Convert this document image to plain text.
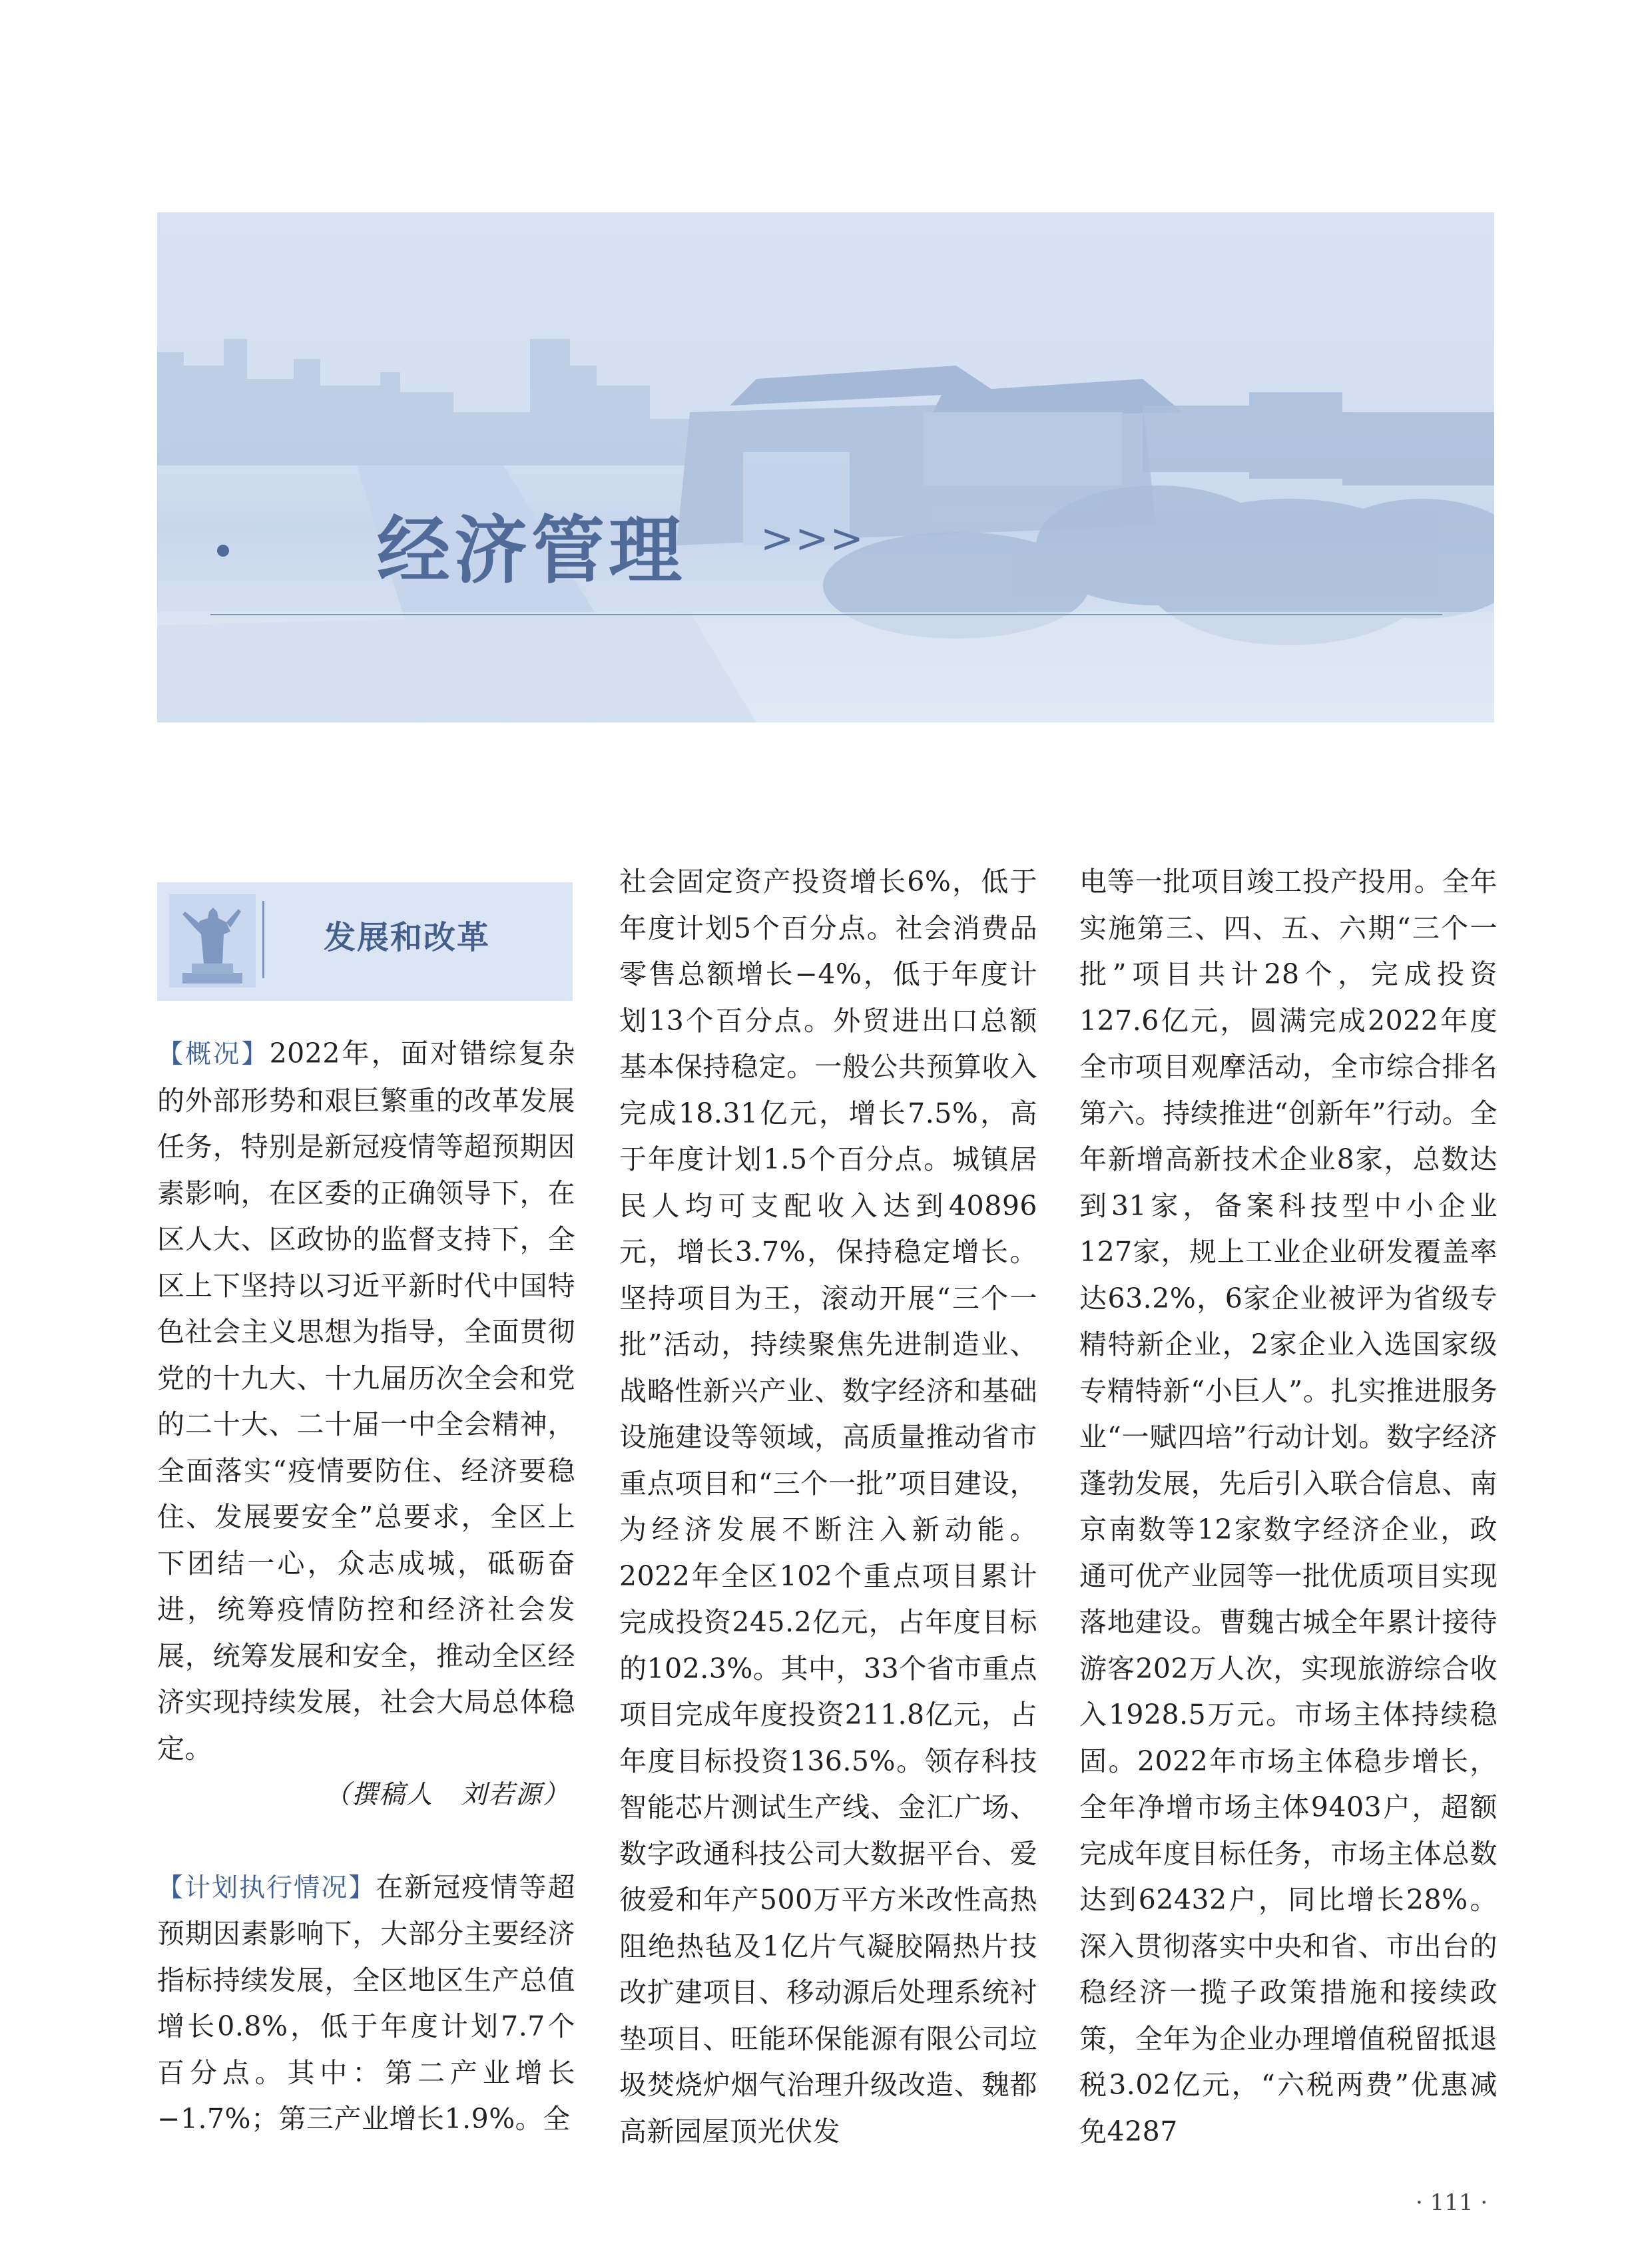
经济管理 >>>
发展和改革

【概况】2022年，面对错综复杂的外部形势和艰巨繁重的改革发展任务，特别是新冠疫情等超预期因素影响，在区委的正确领导下，在区人大、区政协的监督支持下，全区上下坚持以习近平新时代中国特色社会主义思想为指导，全面贯彻党的十九大、十九届历次全会和党的二十大、二十届一中全会精神，全面落实“疫情要防住、经济要稳住、发展要安全”总要求，全区上下团结一心，众志成城，砥砺奋进，统筹疫情防控和经济社会发展，统筹发展和安全，推动全区经济实现持续发展，社会大局总体稳定。

（撰稿人　刘若源）

【计划执行情况】在新冠疫情等超预期因素影响下，大部分主要经济指标持续发展，全区地区生产总值增长0.8%，低于年度计划7.7个百分点。其中：第二产业增长−1.7%；第三产业增长1.9%。全

社会固定资产投资增长6%，低于年度计划5个百分点。社会消费品零售总额增长−4%，低于年度计划13个百分点。外贸进出口总额基本保持稳定。一般公共预算收入完成18.31亿元，增长7.5%，高于年度计划1.5个百分点。城镇居民人均可支配收入达到40896元，增长3.7%，保持稳定增长。坚持项目为王，滚动开展“三个一批”活动，持续聚焦先进制造业、战略性新兴产业、数字经济和基础设施建设等领域，高质量推动省市重点项目和“三个一批”项目建设，为经济发展不断注入新动能。2022年全区102个重点项目累计完成投资245.2亿元，占年度目标的102.3%。其中，33个省市重点项目完成年度投资211.8亿元，占年度目标投资136.5%。领存科技智能芯片测试生产线、金汇广场、数字政通科技公司大数据平台、爱彼爱和年产500万平方米改性高热阻绝热毡及1亿片气凝胶隔热片技改扩建项目、移动源后处理系统衬垫项目、旺能环保能源有限公司垃圾焚烧炉烟气治理升级改造、魏都高新园屋顶光伏发

电等一批项目竣工投产投用。全年实施第三、四、五、六期“三个一批”项目共计28个，完成投资127.6亿元，圆满完成2022年度全市项目观摩活动，全市综合排名第六。持续推进“创新年”行动。全年新增高新技术企业8家，总数达到31家，备案科技型中小企业127家，规上工业企业研发覆盖率达63.2%，6家企业被评为省级专精特新企业，2家企业入选国家级专精特新“小巨人”。扎实推进服务业“一赋四培”行动计划。数字经济蓬勃发展，先后引入联合信息、南京南数等12家数字经济企业，政通可优产业园等一批优质项目实现落地建设。曹魏古城全年累计接待游客202万人次，实现旅游综合收入1928.5万元。市场主体持续稳固。2022年市场主体稳步增长，全年净增市场主体9403户，超额完成年度目标任务，市场主体总数达到62432户，同比增长28%。深入贯彻落实中央和省、市出台的稳经济一揽子政策措施和接续政策，全年为企业办理增值税留抵退税3.02亿元，“六税两费”优惠减免4287

· 111 ·
